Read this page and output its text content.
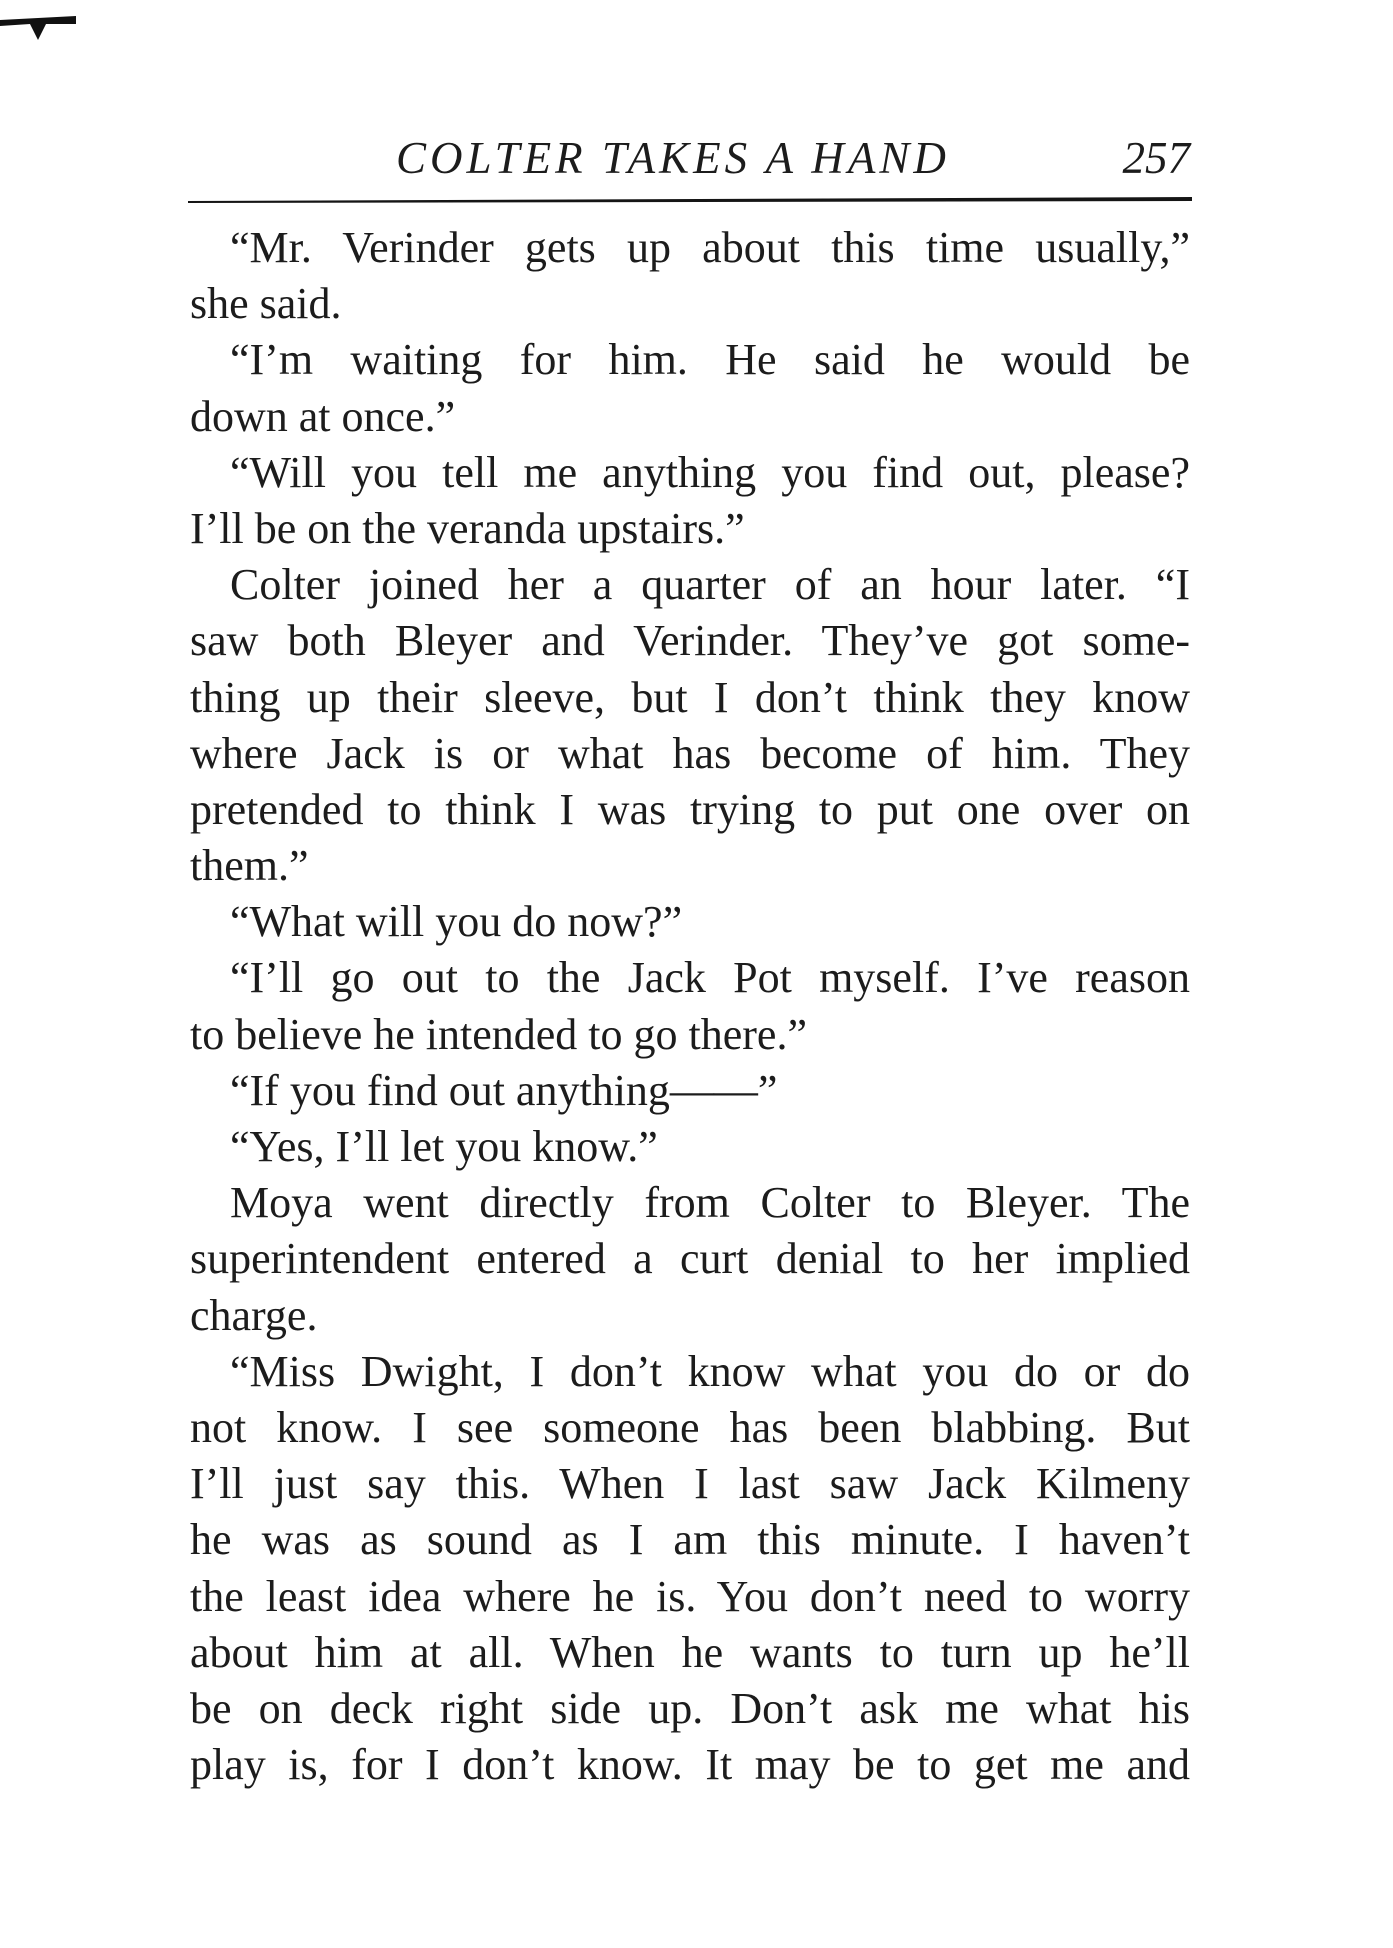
COLTER TAKES A HAND	257
“Mr. Verinder gets up about this time usually,”
she said.
“I’m waiting for him. He said he would be
down at once.”
“Will you tell me anything you find out, please?
I’ll be on the veranda upstairs.”
Colter joined her a quarter of an hour later. “I
saw both Bleyer and Verinder. They’ve got some-
thing up their sleeve, but I don’t think they know
where Jack is or what has become of him. They
pretended to think I was trying to put one over on
them.”
“What will you do now?”
“I’ll go out to the Jack Pot myself. I’ve reason
to believe he intended to go there.”
“If you find out anything——”
“Yes, I’ll let you know.”
Moya went directly from Colter to Bleyer. The
superintendent entered a curt denial to her implied
charge.
“Miss Dwight, I don’t know what you do or do
not know. I see someone has been blabbing. But
I’ll just say this. When I last saw Jack Kilmeny
he was as sound as I am this minute. I haven’t
the least idea where he is. You don’t need to worry
about him at all. When he wants to turn up he’ll
be on deck right side up. Don’t ask me what his
play is, for I don’t know. It may be to get me and
